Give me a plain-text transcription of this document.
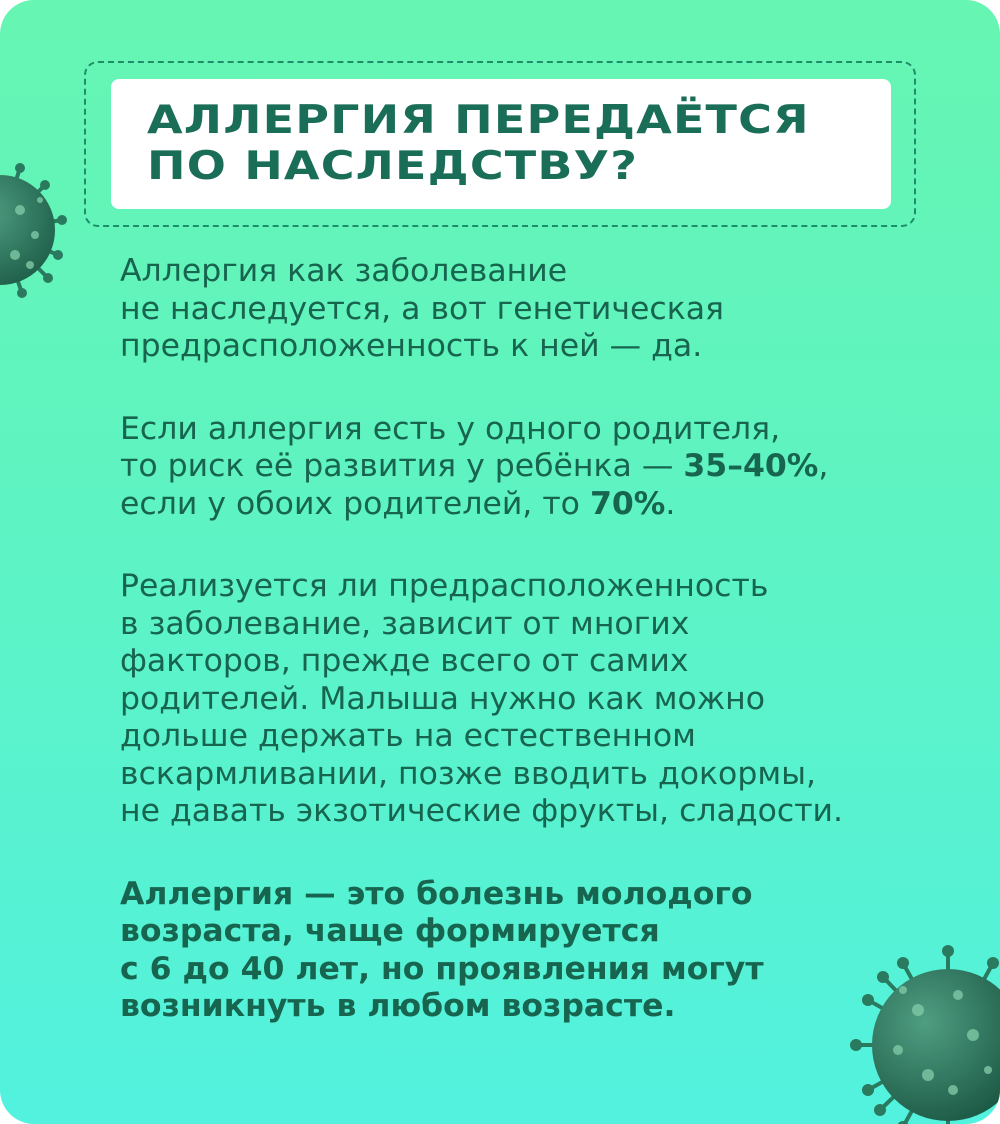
АЛЛЕРГИЯ ПЕРЕДАЁТСЯ
ПО НАСЛЕДСТВУ?

Аллергия как заболевание
не наследуется, а вот генетическая
предрасположенность к ней — да.

Если аллергия есть у одного родителя,
то риск её развития у ребёнка — 35–40%,
если у обоих родителей, то 70%.

Реализуется ли предрасположенность
в заболевание, зависит от многих
факторов, прежде всего от самих
родителей. Малыша нужно как можно
дольше держать на естественном
вскармливании, позже вводить докормы,
не давать экзотические фрукты, сладости.

Аллергия — это болезнь молодого
возраста, чаще формируется
с 6 до 40 лет, но проявления могут
возникнуть в любом возрасте.
